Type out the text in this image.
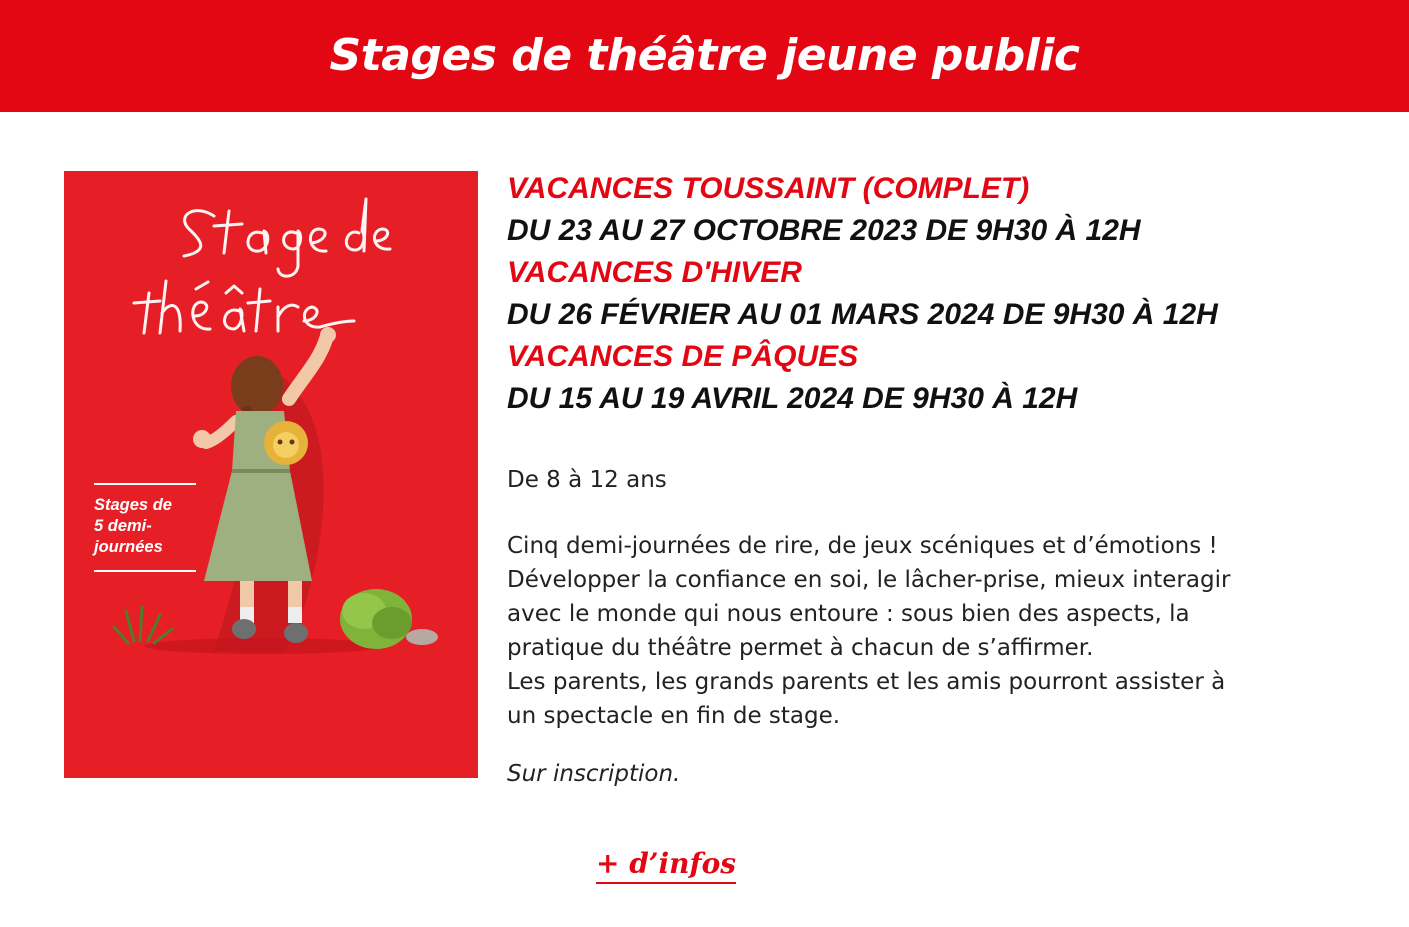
Stages de théâtre jeune public
Stages de
5 demi-
journées
VACANCES TOUSSAINT (COMPLET)
DU 23 AU 27 OCTOBRE 2023 DE 9H30 À 12H
VACANCES D'HIVER
DU 26 FÉVRIER AU 01 MARS 2024 DE 9H30 À 12H
VACANCES DE PÂQUES
DU 15 AU 19 AVRIL 2024 DE 9H30 À 12H
De 8 à 12 ans
Cinq demi-journées de rire, de jeux scéniques et d’émotions !
Développer la confiance en soi, le lâcher-prise, mieux interagir
avec le monde qui nous entoure : sous bien des aspects, la
pratique du théâtre permet à chacun de s’affirmer.
Les parents, les grands parents et les amis pourront assister à
un spectacle en fin de stage.
Sur inscription.
+ d’infos
